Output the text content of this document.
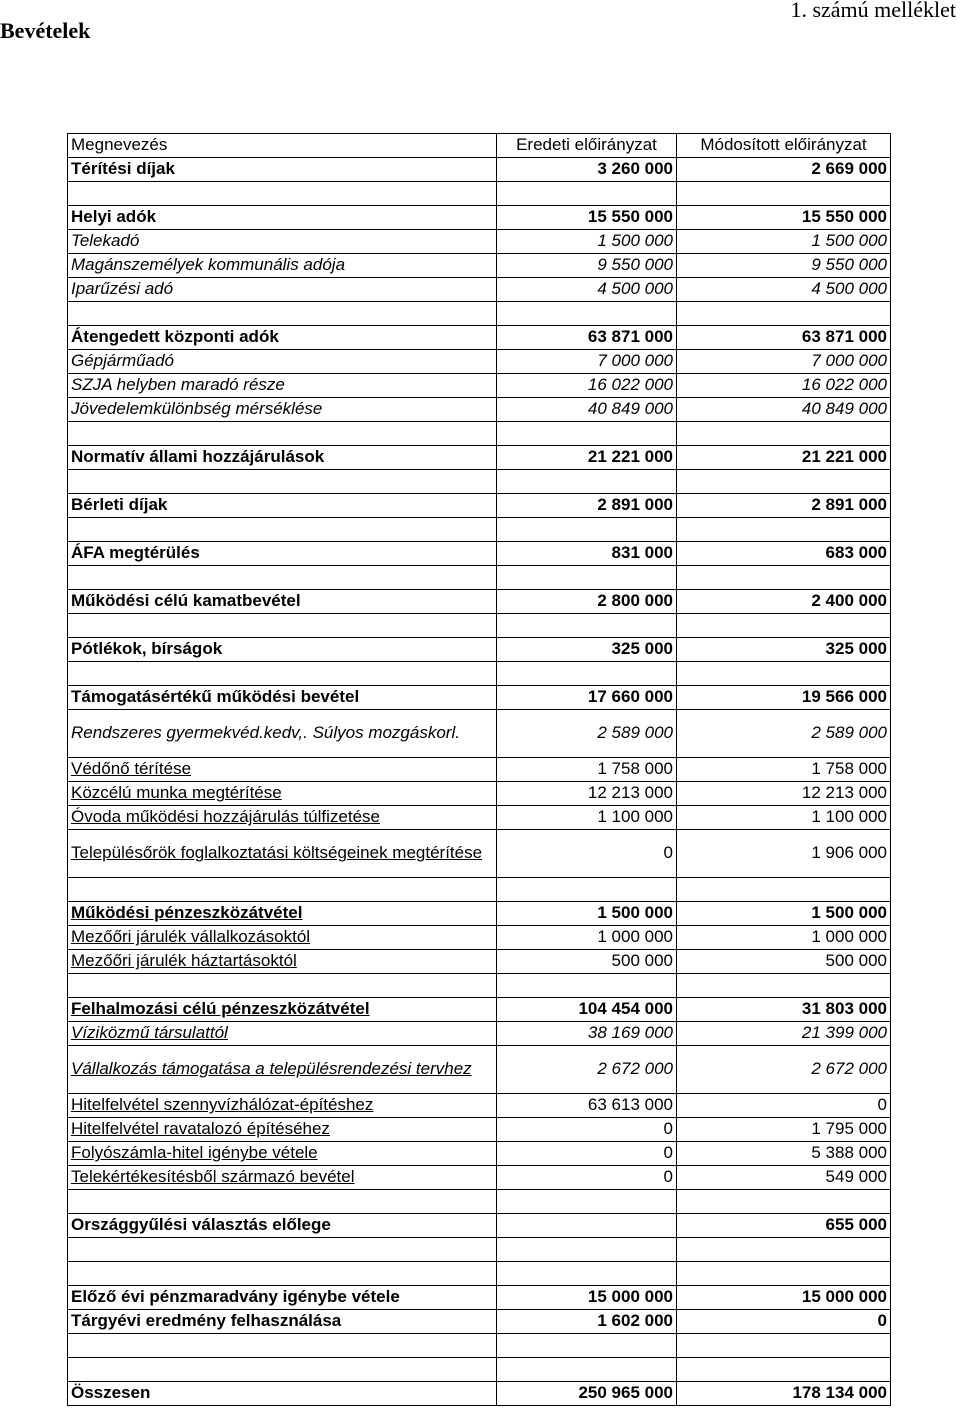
Bevételek
1. számú melléklet
Megnevezés	Eredeti előirányzat	Módosított előirányzat
Térítési díjak	3 260 000	2 669 000

Helyi adók	15 550 000	15 550 000
Telekadó	1 500 000	1 500 000
Magánszemélyek kommunális adója	9 550 000	9 550 000
Iparűzési adó	4 500 000	4 500 000

Átengedett központi adók	63 871 000	63 871 000
Gépjárműadó	7 000 000	7 000 000
SZJA helyben maradó része	16 022 000	16 022 000
Jövedelemkülönbség mérséklése	40 849 000	40 849 000

Normatív állami hozzájárulások	21 221 000	21 221 000

Bérleti díjak	2 891 000	2 891 000

ÁFA megtérülés	831 000	683 000

Működési célú kamatbevétel	2 800 000	2 400 000

Pótlékok, bírságok	325 000	325 000

Támogatásértékű működési bevétel	17 660 000	19 566 000
Rendszeres gyermekvéd.kedv,. Súlyos mozgáskorl.	2 589 000	2 589 000
Védőnő térítése	1 758 000	1 758 000
Közcélú munka megtérítése	12 213 000	12 213 000
Óvoda működési hozzájárulás túlfizetése	1 100 000	1 100 000
Településőrök foglalkoztatási költségeinek megtérítése	0	1 906 000

Működési pénzeszközátvétel	1 500 000	1 500 000
Mezőőri járulék vállalkozásoktól	1 000 000	1 000 000
Mezőőri járulék háztartásoktól	500 000	500 000

Felhalmozási célú pénzeszközátvétel	104 454 000	31 803 000
Víziközmű társulattól	38 169 000	21 399 000
Vállalkozás támogatása a településrendezési tervhez	2 672 000	2 672 000
Hitelfelvétel szennyvízhálózat-építéshez	63 613 000	0
Hitelfelvétel ravatalozó építéséhez	0	1 795 000
Folyószámla-hitel igénybe vétele	0	5 388 000
Telekértékesítésből származó bevétel	0	549 000

Országgyűlési választás előlege		655 000

Előző évi pénzmaradvány igénybe vétele	15 000 000	15 000 000
Tárgyévi eredmény felhasználása	1 602 000	0

Összesen	250 965 000	178 134 000
